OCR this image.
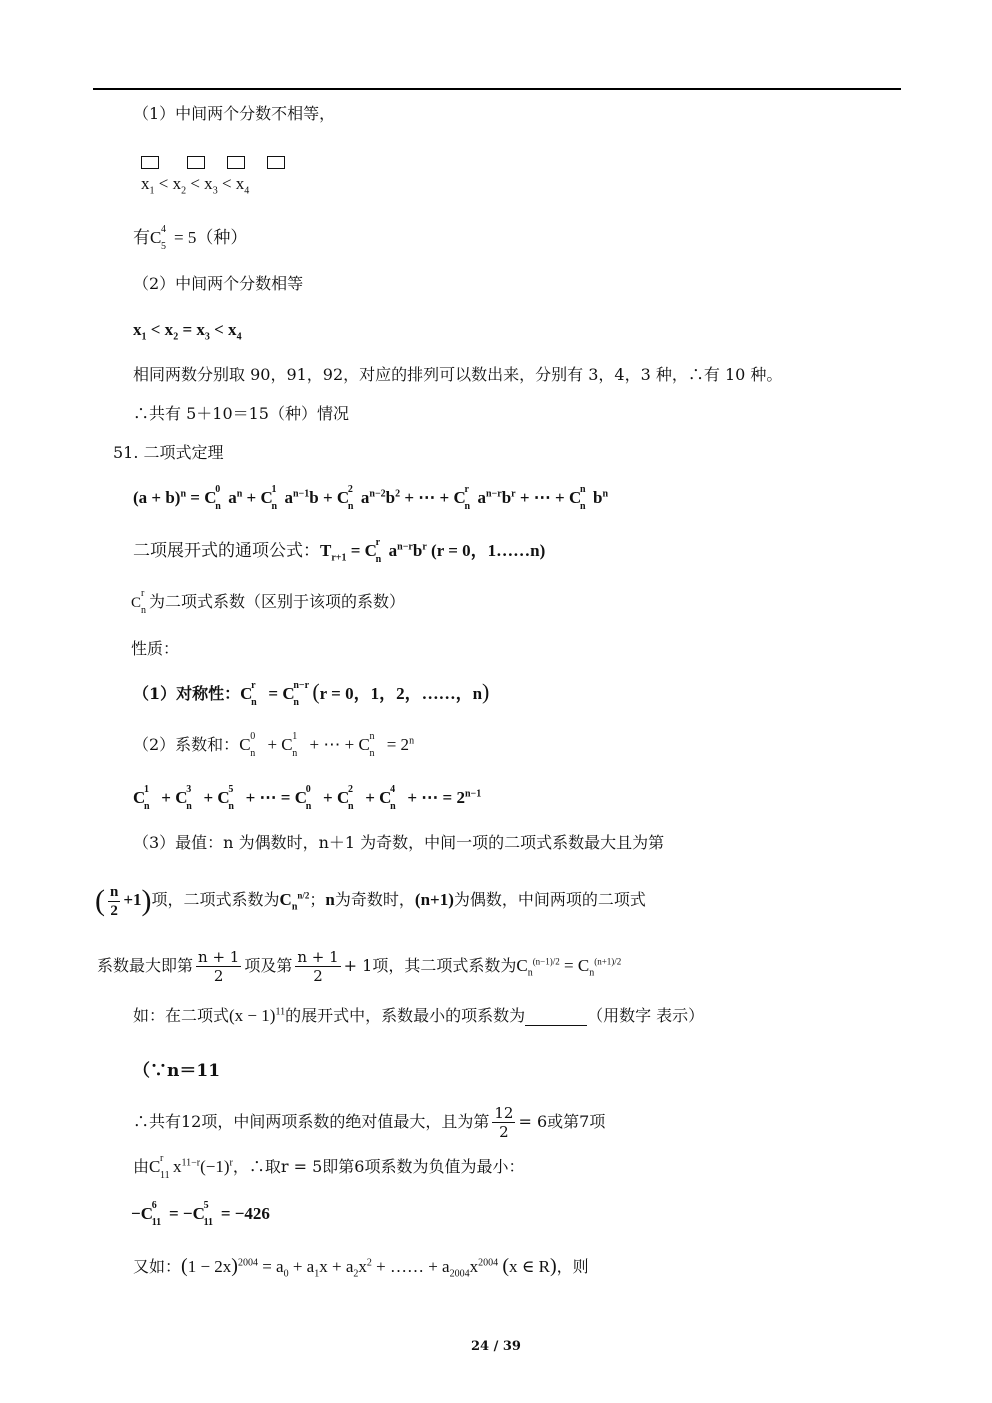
（1）中间两个分数不相等，
$x_1 < x_2 < x_3 < x_4$
有C 4
5 = 5（种）
（2）中间两个分数相等
$x_1 < x_2 = x_3 < x_4$
相同两数分别取 90，91，92，对应的排列可以数出来，分别有 3，4，3 种，∴有 10 种。
∴共有 5＋10＝15（种）情况
51. 二项式定理
$(a + b)^n = C$
0
n $a^n + C$
1
n $a^{n-1}b + C$
2
n $a^{n-2}b^2$ + ⋯ + C
r
n $a^{n-r}b^r$ + ⋯ + C
n
n $b^n$
二项展开式的通项公式：$T_{r+1} = C$
r
n $a^{n-r}b^r$ (r = 0，1……n)
C
r
n 为二项式系数（区别于该项的系数）
性质：
（1）对称性：C
r
n = C
n−r
n (r = 0，1，2，……，n)
（2）系数和：C 0
n + C 1
n + ⋯ + C n
$n = 2^n$
C
1
n + C
3
n + C
5
n + ⋯ = C
0
n + C
2
n + C
4
n + ⋯ = $2^{n-1}$
（3）最值：n 为偶数时，n＋1 为奇数，中间一项的二项式系数最大且为第
( $\frac{n}{2} +1$)项，二项式系数为$C_n^{n/2}$；n为奇数时，(n+1)为偶数，中间两项的二项式
系数最大即第 $\frac{n + 1}{2}$ 项及第 $\frac{n + 1}{2} + 1$项，其二项式系数为$C_n^{(n-1)/2} = C_n^{(n+1)/2}$
如：在二项式$(x - 1)^{11}$的展开式中，系数最小的项系数为	（用数字 表示）
（∵n＝11
∴共有12项，中间两项系数的绝对值最大，且为第 $\frac{12}{2} = 6$或第7项
由C r
11 $x^{11-r}(-1)^r$，∴取r = 5即第6项系数为负值为最小：
−C
6
11 = −C
5
11 = −426
又如：$(1 - 2x)^{2004} = a_0 + a_1x + a_2x^2$ + …… + $a_{2004}x^{2004}$ (x ∈ R)，则
24 / 39
